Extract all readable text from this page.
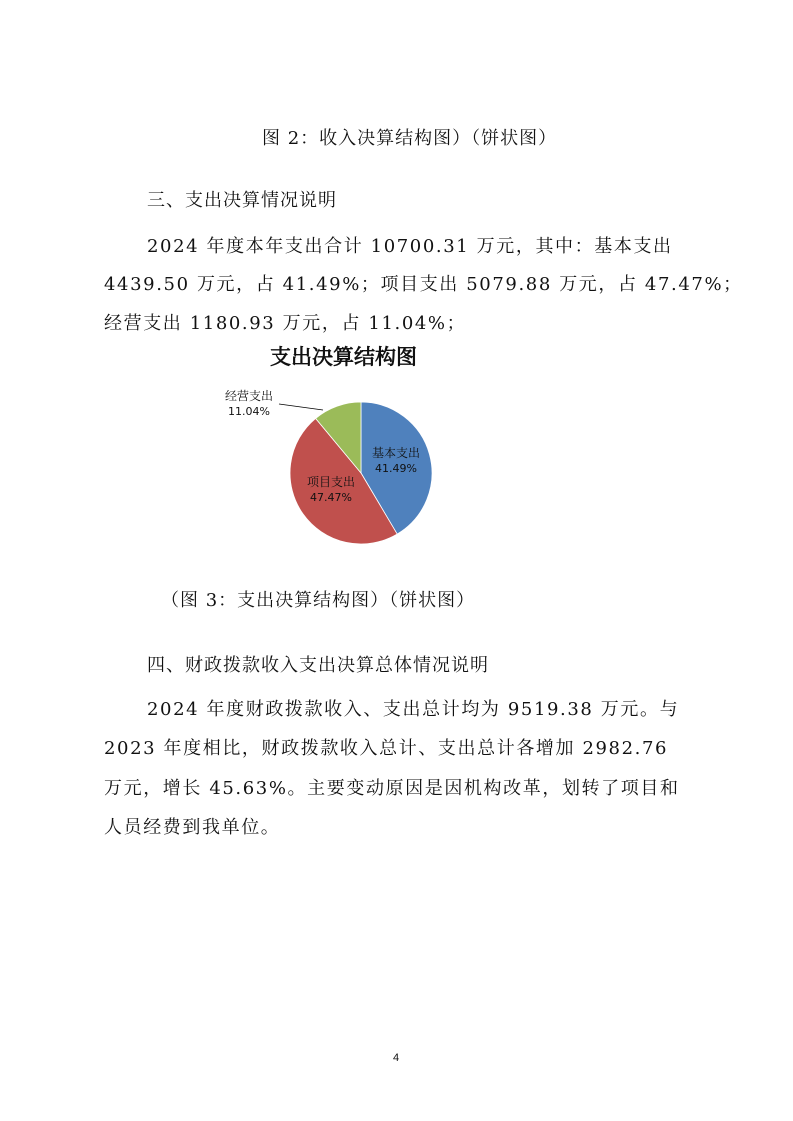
图 2：收入决算结构图）（饼状图）
三、支出决算情况说明
2024 年度本年支出合计 10700.31 万元，其中：基本支出
4439.50 万元，占 41.49%；项目支出 5079.88 万元，占 47.47%；
经营支出 1180.93 万元，占 11.04%；
支出决算结构图
基本支出
41.49%
项目支出
47.47%
经营支出
11.04%
（图 3：支出决算结构图）（饼状图）
四、财政拨款收入支出决算总体情况说明
2024 年度财政拨款收入、支出总计均为 9519.38 万元。与
2023 年度相比，财政拨款收入总计、支出总计各增加 2982.76
万元，增长 45.63%。主要变动原因是因机构改革，划转了项目和
人员经费到我单位。
4
